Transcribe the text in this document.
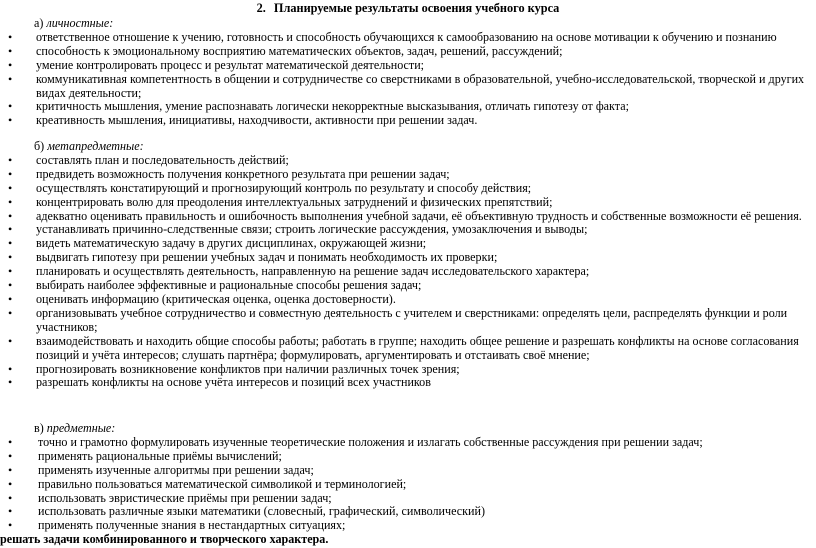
2. Планируемые результаты освоения учебного курса
а) личностные:
• ответственное отношение к учению, готовность и способность обучающихся к самообразованию на основе мотивации к обучению и познанию
• способность к эмоциональному восприятию математических объектов, задач, решений, рассуждений;
• умение контролировать процесс и результат математической деятельности;
• коммуникативная компетентность в общении и сотрудничестве со сверстниками в образовательной, учебно-исследовательской, творческой и других видах деятельности;
• критичность мышления, умение распознавать логически некорректные высказывания, отличать гипотезу от факта;
• креативность мышления, инициативы, находчивости, активности при решении задач.
б) метапредметные:
• составлять план и последовательность действий;
• предвидеть возможность получения конкретного результата при решении задач;
• осуществлять констатирующий и прогнозирующий контроль по результату и способу действия;
• концентрировать волю для преодоления интеллектуальных затруднений и физических препятствий;
• адекватно оценивать правильность и ошибочность выполнения учебной задачи, её объективную трудность и собственные возможности её решения.
• устанавливать причинно-следственные связи; строить логические рассуждения, умозаключения и выводы;
• видеть математическую задачу в других дисциплинах, окружающей жизни;
• выдвигать гипотезу при решении учебных задач и понимать необходимость их проверки;
• планировать и осуществлять деятельность, направленную на решение задач исследовательского характера;
• выбирать наиболее эффективные и рациональные способы решения задач;
• оценивать информацию (критическая оценка, оценка достоверности).
• организовывать учебное сотрудничество и совместную деятельность с учителем и сверстниками: определять цели, распределять функции и роли участников;
• взаимодействовать и находить общие способы работы; работать в группе; находить общее решение и разрешать конфликты на основе согласования позиций и учёта интересов; слушать партнёра; формулировать, аргументировать и отстаивать своё мнение;
• прогнозировать возникновение конфликтов при наличии различных точек зрения;
• разрешать конфликты на основе учёта интересов и позиций всех участников
в) предметные:
• точно и грамотно формулировать изученные теоретические положения и излагать собственные рассуждения при решении задач;
• применять рациональные приёмы вычислений;
• применять изученные алгоритмы при решении задач;
• правильно пользоваться математической символикой и терминологией;
• использовать эвристические приёмы при решении задач;
• использовать различные языки математики (словесный, графический, символический)
• применять полученные знания в нестандартных ситуациях;
решать задачи комбинированного и творческого характера.
